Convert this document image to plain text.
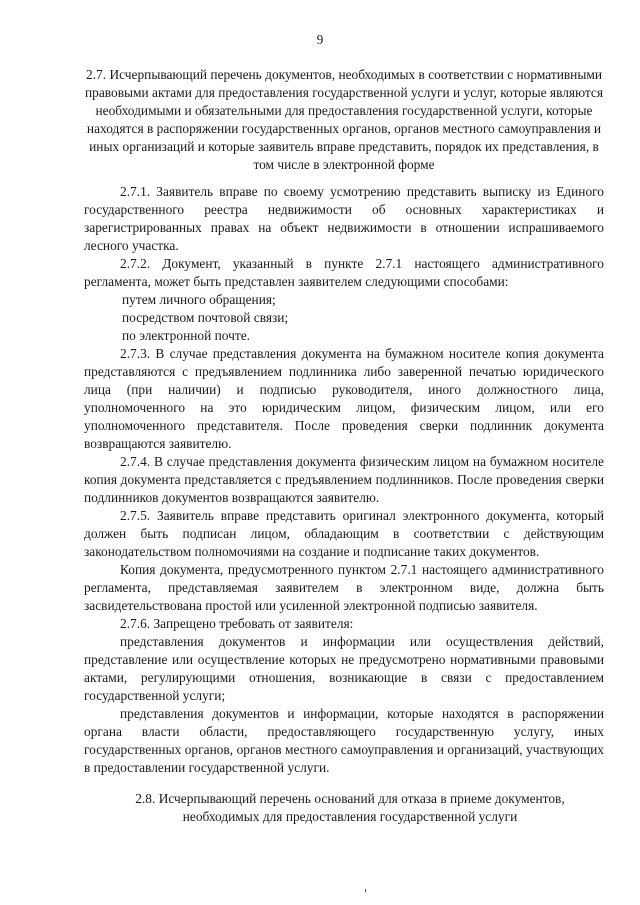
9
2.7. Исчерпывающий перечень документов, необходимых в соответствии с нормативными правовыми актами для предоставления государственной услуги и услуг, которые являются необходимыми и обязательными для предоставления государственной услуги, которые находятся в распоряжении государственных органов, органов местного самоуправления и иных организаций и которые заявитель вправе представить, порядок их представления, в том числе в электронной форме

2.7.1. Заявитель вправе по своему усмотрению представить выписку из Единого государственного реестра недвижимости об основных характеристиках и зарегистрированных правах на объект недвижимости в отношении испрашиваемого лесного участка.

2.7.2. Документ, указанный в пункте 2.7.1 настоящего административного регламента, может быть представлен заявителем следующими способами:

путем личного обращения;

посредством почтовой связи;

по электронной почте.

2.7.3. В случае представления документа на бумажном носителе копия документа представляются с предъявлением подлинника либо заверенной печатью юридического лица (при наличии) и подписью руководителя, иного должностного лица, уполномоченного на это юридическим лицом, физическим лицом, или его уполномоченного представителя. После проведения сверки подлинник документа возвращаются заявителю.

2.7.4. В случае представления документа физическим лицом на бумажном носителе копия документа представляется с предъявлением подлинников. После проведения сверки подлинников документов возвращаются заявителю.

2.7.5. Заявитель вправе представить оригинал электронного документа, который должен быть подписан лицом, обладающим в соответствии с действующим законодательством полномочиями на создание и подписание таких документов.

Копия документа, предусмотренного пунктом 2.7.1 настоящего административного регламента, представляемая заявителем в электронном виде, должна быть засвидетельствована простой или усиленной электронной подписью заявителя.

2.7.6. Запрещено требовать от заявителя:

представления документов и информации или осуществления действий, представление или осуществление которых не предусмотрено нормативными правовыми актами, регулирующими отношения, возникающие в связи с предоставлением государственной услуги;

представления документов и информации, которые находятся в распоряжении органа власти области, предоставляющего государственную услугу, иных государственных органов, органов местного самоуправления и организаций, участвующих в предоставлении государственной услуги.

2.8. Исчерпывающий перечень оснований для отказа в приеме документов, необходимых для предоставления государственной услуги
